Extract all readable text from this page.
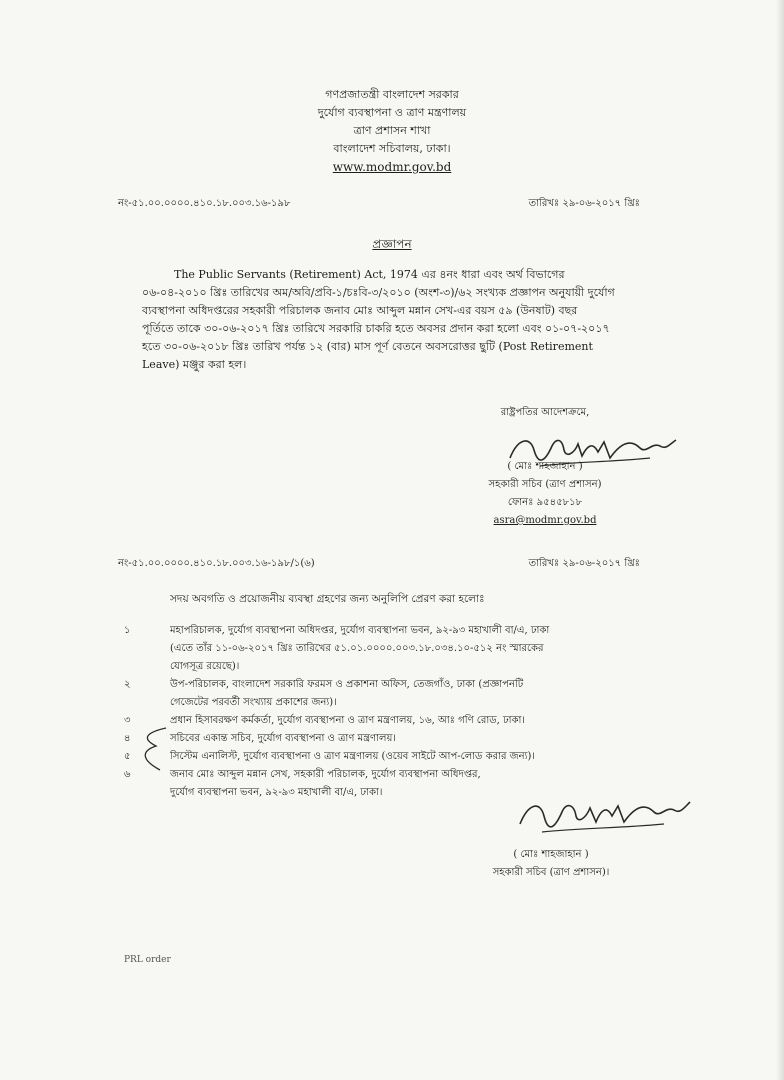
গণপ্রজাতন্ত্রী বাংলাদেশ সরকার
দুর্যোগ ব্যবস্থাপনা ও ত্রাণ মন্ত্রণালয়
ত্রাণ প্রশাসন শাখা
বাংলাদেশ সচিবালয়, ঢাকা।
www.modmr.gov.bd
নং-৫১.০০.০০০০.৪১০.১৮.০০৩.১৬-১৯৮	তারিখঃ ২৯-০৬-২০১৭ খ্রিঃ
প্রজ্ঞাপন
The Public Servants (Retirement) Act, 1974 এর ৪নং ধারা এবং অর্থ বিভাগের
০৬-০৪-২০১০ খ্রিঃ তারিখের অম/অবি/প্রবি-১/চঃবি-৩/২০১০ (অংশ-৩)/৬২ সংখ্যক প্রজ্ঞাপন অনুযায়ী দুর্যোগ
ব্যবস্থাপনা অধিদপ্তরের সহকারী পরিচালক জনাব মোঃ আব্দুল মন্নান সেখ-এর বয়স ৫৯ (উনষাট) বছর
পূর্তিতে তাকে ৩০-০৬-২০১৭ খ্রিঃ তারিখে সরকারি চাকরি হতে অবসর প্রদান করা হলো এবং ০১-০৭-২০১৭
হতে ৩০-০৬-২০১৮ খ্রিঃ তারিখ পর্যন্ত ১২ (বার) মাস পূর্ণ বেতনে অবসরোত্তর ছুটি (Post Retirement
Leave) মঞ্জুর করা হল।
রাষ্ট্রপতির আদেশক্রমে,
( মোঃ শাহজাহান )
সহকারী সচিব (ত্রাণ প্রশাসন)
ফোনঃ ৯৫৪৫৮১৮
asra@modmr.gov.bd
নং-৫১.০০.০০০০.৪১০.১৮.০০৩.১৬-১৯৮/১(৬)	তারিখঃ ২৯-০৬-২০১৭ খ্রিঃ
সদয় অবগতি ও প্রয়োজনীয় ব্যবস্থা গ্রহণের জন্য অনুলিপি প্রেরণ করা হলোঃ
১	মহাপরিচালক, দুর্যোগ ব্যবস্থাপনা অধিদপ্তর, দুর্যোগ ব্যবস্থাপনা ভবন, ৯২-৯৩ মহাখালী বা/এ, ঢাকা
(এতে তাঁর ১১-০৬-২০১৭ খ্রিঃ তারিখের ৫১.০১.০০০০.০০৩.১৮.০৩৪.১০-৫১২ নং স্মারকের
যোগসূত্র রয়েছে)।
২	উপ-পরিচালক, বাংলাদেশ সরকারি ফরমস ও প্রকাশনা অফিস, তেজগাঁও, ঢাকা (প্রজ্ঞাপনটি
গেজেটের পরবর্তী সংখ্যায় প্রকাশের জন্য)।
৩	প্রধান হিসাবরক্ষণ কর্মকর্তা, দুর্যোগ ব্যবস্থাপনা ও ত্রাণ মন্ত্রণালয়, ১৬, আঃ গণি রোড, ঢাকা।
৪	সচিবের একান্ত সচিব, দুর্যোগ ব্যবস্থাপনা ও ত্রাণ মন্ত্রণালয়।
৫	সিস্টেম এনালিস্ট, দুর্যোগ ব্যবস্থাপনা ও ত্রাণ মন্ত্রণালয় (ওয়েব সাইটে আপ-লোড করার জন্য)।
৬	জনাব মোঃ আব্দুল মন্নান সেখ, সহকারী পরিচালক, দুর্যোগ ব্যবস্থাপনা অধিদপ্তর,
দুর্যোগ ব্যবস্থাপনা ভবন, ৯২-৯৩ মহাখালী বা/এ, ঢাকা।
( মোঃ শাহজাহান )
সহকারী সচিব (ত্রাণ প্রশাসন)।
PRL order
